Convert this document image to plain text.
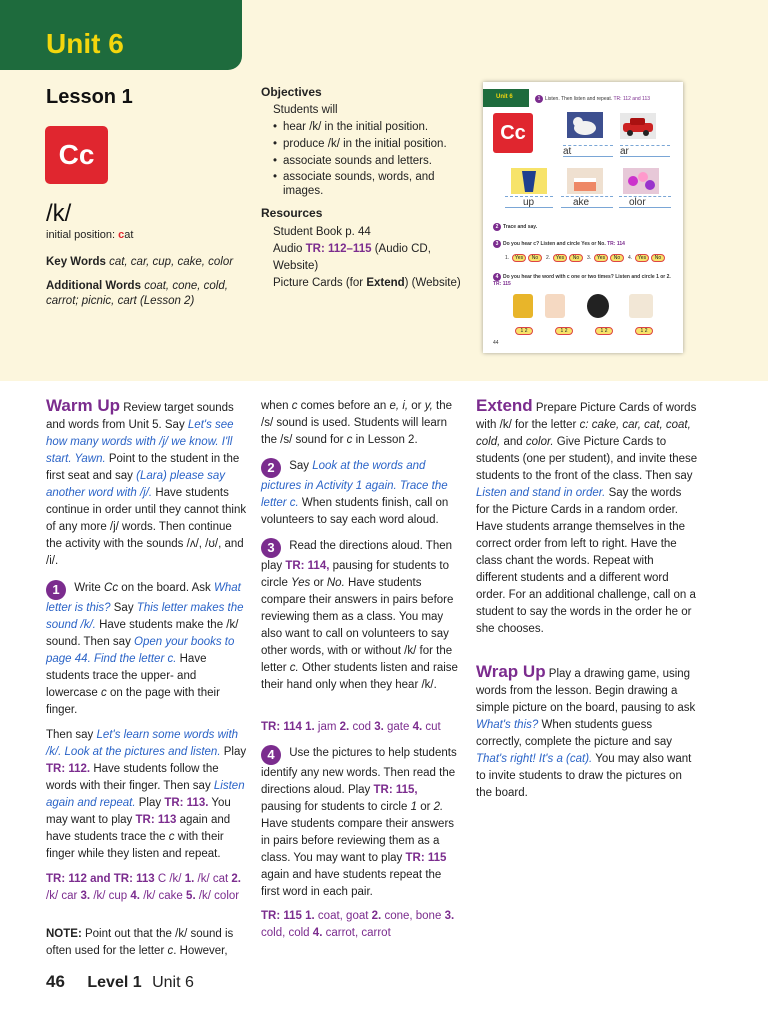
Unit 6
Lesson 1
Cc
/k/
initial position: cat
Key Words cat, car, cup, cake, color
Additional Words coat, cone, cold, carrot; picnic, cart (Lesson 2)
Objectives
Students will
• hear /k/ in the initial position.
• produce /k/ in the initial position.
• associate sounds and letters.
• associate sounds, words, and images.
Resources
Student Book p. 44
Audio TR: 112–115 (Audio CD, Website)
Picture Cards (for Extend) (Website)
Unit 6	1 Listen. Then listen and repeat. TR: 112 and 113
Cc
at	ar
up	ake	olor
2 Trace and say.
3 Do you hear c? Listen and circle Yes or No. TR: 114
1.	Yes	No	2.	Yes	No	3.	Yes	No	4.	Yes	No
4 Do you hear the word with c one or two times? Listen and circle 1 or 2. TR: 115
1 2	1 2	1 2	1 2
44
Warm Up Review target sounds and words from Unit 5. Say Let's see how many words with /j/ we know. I'll start. Yawn. Point to the student in the first seat and say (Lara) please say another word with /j/. Have students continue in order until they cannot think of any more /j/ words. Then continue the activity with the sounds /ʌ/, /ʊ/, and /i/.
1 Write Cc on the board. Ask What letter is this? Say This letter makes the sound /k/. Have students make the /k/ sound. Then say Open your books to page 44. Find the letter c. Have students trace the upper- and lowercase c on the page with their finger.
Then say Let's learn some words with /k/. Look at the pictures and listen. Play TR: 112. Have students follow the words with their finger. Then say Listen again and repeat. Play TR: 113. You may want to play TR: 113 again and have students trace the c with their finger while they listen and repeat.
TR: 112 and TR: 113 C /k/ 1. /k/ cat 2. /k/ car 3. /k/ cup 4. /k/ cake 5. /k/ color
NOTE: Point out that the /k/ sound is often used for the letter c. However,
when c comes before an e, i, or y, the /s/ sound is used. Students will learn the /s/ sound for c in Lesson 2.
2 Say Look at the words and pictures in Activity 1 again. Trace the letter c. When students finish, call on volunteers to say each word aloud.
3 Read the directions aloud. Then play TR: 114, pausing for students to circle Yes or No. Have students compare their answers in pairs before reviewing them as a class. You may also want to call on volunteers to say other words, with or without /k/ for the letter c. Other students listen and raise their hand only when they hear /k/.
TR: 114 1. jam 2. cod 3. gate 4. cut
4 Use the pictures to help students identify any new words. Then read the directions aloud. Play TR: 115, pausing for students to circle 1 or 2. Have students compare their answers in pairs before reviewing them as a class. You may want to play TR: 115 again and have students repeat the first word in each pair.
TR: 115 1. coat, goat 2. cone, bone 3. cold, cold 4. carrot, carrot
Extend Prepare Picture Cards of words with /k/ for the letter c: cake, car, cat, coat, cold, and color. Give Picture Cards to students (one per student), and invite these students to the front of the class. Then say Listen and stand in order. Say the words for the Picture Cards in a random order. Have students arrange themselves in the correct order from left to right. Have the class chant the words. Repeat with different students and a different word order. For an additional challenge, call on a student to say the words in the order he or she chooses.
Wrap Up Play a drawing game, using words from the lesson. Begin drawing a simple picture on the board, pausing to ask What's this? When students guess correctly, complete the picture and say That's right! It's a (cat). You may also want to invite students to draw the pictures on the board.
46 Level 1 Unit 6
